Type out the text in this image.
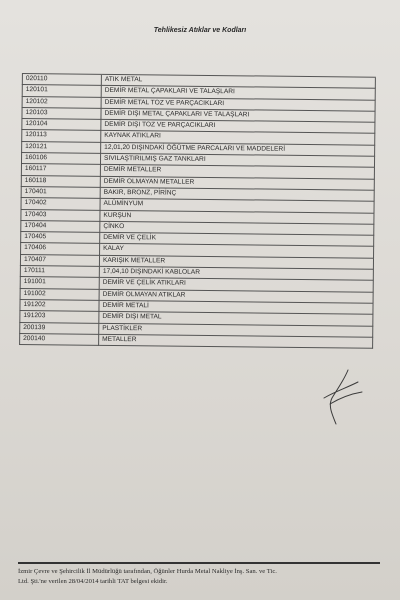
Tehlikesiz Atıklar ve Kodları

020110	ATIK METAL
120101	DEMİR METAL ÇAPAKLARI VE TALAŞLARI
120102	DEMİR METAL TOZ VE PARÇACIKLARI
120103	DEMİR DIŞI METAL ÇAPAKLARI VE TALAŞLARI
120104	DEMİR DIŞI TOZ VE PARÇACIKLARI
120113	KAYNAK ATIKLARI
120121	12,01,20 DIŞINDAKİ ÖĞÜTME PARCALARI VE MADDELERİ
160106	SIVILAŞTIRILMIŞ GAZ TANKLARI
160117	DEMİR METALLER
160118	DEMİR OLMAYAN METALLER
170401	BAKIR, BRONZ, PİRİNÇ
170402	ALÜMİNYUM
170403	KURŞUN
170404	ÇİNKO
170405	DEMİR VE ÇELİK
170406	KALAY
170407	KARIŞIK METALLER
170111	17,04,10 DIŞINDAKİ KABLOLAR
191001	DEMİR VE ÇELİK ATIKLARI
191002	DEMİR OLMAYAN ATIKLAR
191202	DEMİR METALİ
191203	DEMİR DIŞI METAL
200139	PLASTİKLER
200140	METALLER
İzmir Çevre ve Şehircilik İl Müdürlüğü tarafından, Öğünler Hurda Metal Nakliye İnş. San. ve Tic.
Ltd. Şti.'ne verilen 28/04/2014 tarihli TAT belgesi ekidir.
